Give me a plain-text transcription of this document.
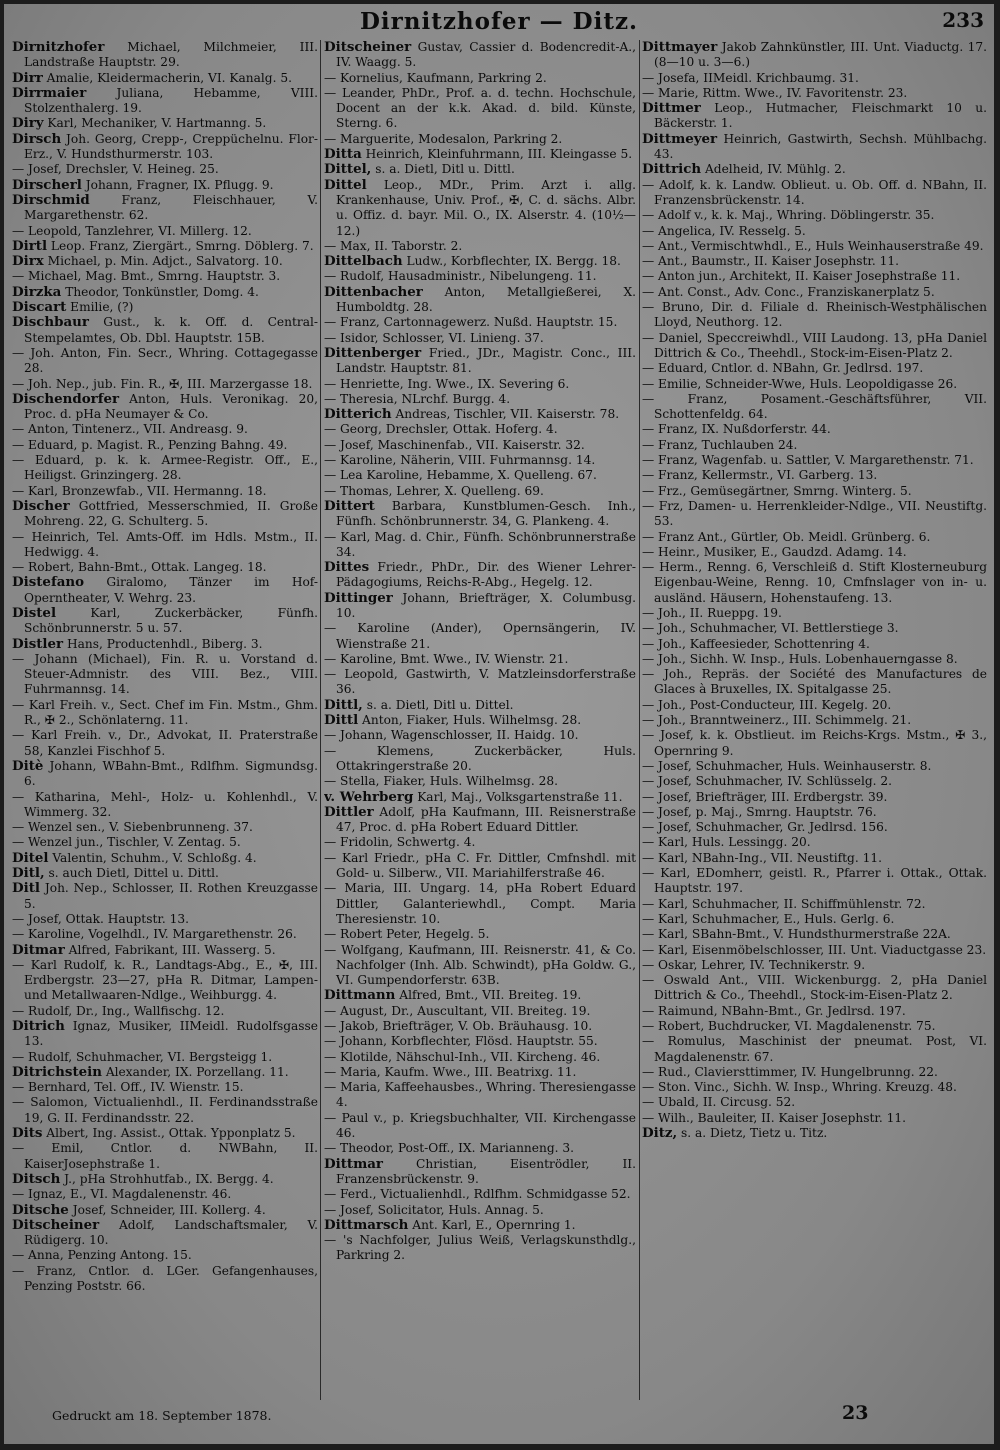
Dirnitzhofer — Ditz.	233

Dirnitzhofer Michael, Milchmeier, III. Landstraße Hauptstr. 29.

Dirr Amalie, Kleidermacherin, VI. Kanalg. 5.

Dirrmaier Juliana, Hebamme, VIII. Stolzenthalerg. 19.

Diry Karl, Mechaniker, V. Hartmanng. 5.

Dirsch Joh. Georg, Crepp-, Creppüchelnu. Flor-Erz., V. Hundsthurmerstr. 103.

— Josef, Drechsler, V. Heineg. 25.

Dirscherl Johann, Fragner, IX. Pflugg. 9.

Dirschmid Franz, Fleischhauer, V. Margarethenstr. 62.

— Leopold, Tanzlehrer, VI. Millerg. 12.

Dirtl Leop. Franz, Ziergärt., Smrng. Döblerg. 7.

Dirx Michael, p. Min. Adjct., Salvatorg. 10.

— Michael, Mag. Bmt., Smrng. Hauptstr. 3.

Dirzka Theodor, Tonkünstler, Domg. 4.

Discart Emilie, (?)

Dischbaur Gust., k. k. Off. d. Central-Stempelamtes, Ob. Dbl. Hauptstr. 15B.

— Joh. Anton, Fin. Secr., Whring. Cottagegasse 28.

— Joh. Nep., jub. Fin. R., ✠, III. Marzergasse 18.

Dischendorfer Anton, Huls. Veronikag. 20, Proc. d. pHa Neumayer & Co.

— Anton, Tintenerz., VII. Andreasg. 9.

— Eduard, p. Magist. R., Penzing Bahng. 49.

— Eduard, p. k. k. Armee-Registr. Off., E., Heiligst. Grinzingerg. 28.

— Karl, Bronzewfab., VII. Hermanng. 18.

Discher Gottfried, Messerschmied, II. Große Mohreng. 22, G. Schulterg. 5.

— Heinrich, Tel. Amts-Off. im Hdls. Mstm., II. Hedwigg. 4.

— Robert, Bahn-Bmt., Ottak. Langeg. 18.

Distefano Giralomo, Tänzer im Hof-Operntheater, V. Wehrg. 23.

Distel Karl, Zuckerbäcker, Fünfh. Schönbrunnerstr. 5 u. 57.

Distler Hans, Productenhdl., Biberg. 3.

— Johann (Michael), Fin. R. u. Vorstand d. Steuer-Admnistr. des VIII. Bez., VIII. Fuhrmannsg. 14.

— Karl Freih. v., Sect. Chef im Fin. Mstm., Ghm. R., ✠ 2., Schönlaterng. 11.

— Karl Freih. v., Dr., Advokat, II. Praterstraße 58, Kanzlei Fischhof 5.

Ditè Johann, WBahn-Bmt., Rdlfhm. Sigmundsg. 6.

— Katharina, Mehl-, Holz- u. Kohlenhdl., V. Wimmerg. 32.

— Wenzel sen., V. Siebenbrunneng. 37.

— Wenzel jun., Tischler, V. Zentag. 5.

Ditel Valentin, Schuhm., V. Schloßg. 4.

Ditl, s. auch Dietl, Dittel u. Dittl.

Ditl Joh. Nep., Schlosser, II. Rothen Kreuzgasse 5.

— Josef, Ottak. Hauptstr. 13.

— Karoline, Vogelhdl., IV. Margarethenstr. 26.

Ditmar Alfred, Fabrikant, III. Wasserg. 5.

— Karl Rudolf, k. R., Landtags-Abg., E., ✠, III. Erdbergstr. 23—27, pHa R. Ditmar, Lampen- und Metallwaaren-Ndlge., Weihburgg. 4.

— Rudolf, Dr., Ing., Wallfischg. 12.

Ditrich Ignaz, Musiker, IIMeidl. Rudolfsgasse 13.

— Rudolf, Schuhmacher, VI. Bergsteigg 1.

Ditrichstein Alexander, IX. Porzellang. 11.

— Bernhard, Tel. Off., IV. Wienstr. 15.

— Salomon, Victualienhdl., II. Ferdinandsstraße 19, G. II. Ferdinandsstr. 22.

Dits Albert, Ing. Assist., Ottak. Ypponplatz 5.

— Emil, Cntlor. d. NWBahn, II. KaiserJosephstraße 1.

Ditsch J., pHa Strohhutfab., IX. Bergg. 4.

— Ignaz, E., VI. Magdalenenstr. 46.

Ditsche Josef, Schneider, III. Kollerg. 4.

Ditscheiner Adolf, Landschaftsmaler, V. Rüdigerg. 10.

— Anna, Penzing Antong. 15.

— Franz, Cntlor. d. LGer. Gefangenhauses, Penzing Poststr. 66.

Ditscheiner Gustav, Cassier d. Bodencredit-A., IV. Waagg. 5.

— Kornelius, Kaufmann, Parkring 2.

— Leander, PhDr., Prof. a. d. techn. Hochschule, Docent an der k.k. Akad. d. bild. Künste, Sterng. 6.

— Marguerite, Modesalon, Parkring 2.

Ditta Heinrich, Kleinfuhrmann, III. Kleingasse 5.

Dittel, s. a. Dietl, Ditl u. Dittl.

Dittel Leop., MDr., Prim. Arzt i. allg. Krankenhause, Univ. Prof., ✠, C. d. sächs. Albr. u. Offiz. d. bayr. Mil. O., IX. Alserstr. 4. (10½—12.)

— Max, II. Taborstr. 2.

Dittelbach Ludw., Korbflechter, IX. Bergg. 18.

— Rudolf, Hausadministr., Nibelungeng. 11.

Dittenbacher Anton, Metallgießerei, X. Humboldtg. 28.

— Franz, Cartonnagewerz. Nußd. Hauptstr. 15.

— Isidor, Schlosser, VI. Linieng. 37.

Dittenberger Fried., JDr., Magistr. Conc., III. Landstr. Hauptstr. 81.

— Henriette, Ing. Wwe., IX. Severing 6.

— Theresia, NLrchf. Burgg. 4.

Ditterich Andreas, Tischler, VII. Kaiserstr. 78.

— Georg, Drechsler, Ottak. Hoferg. 4.

— Josef, Maschinenfab., VII. Kaiserstr. 32.

— Karoline, Näherin, VIII. Fuhrmannsg. 14.

— Lea Karoline, Hebamme, X. Quelleng. 67.

— Thomas, Lehrer, X. Quelleng. 69.

Dittert Barbara, Kunstblumen-Gesch. Inh., Fünfh. Schönbrunnerstr. 34, G. Plankeng. 4.

— Karl, Mag. d. Chir., Fünfh. Schönbrunnerstraße 34.

Dittes Friedr., PhDr., Dir. des Wiener Lehrer-Pädagogiums, Reichs-R-Abg., Hegelg. 12.

Dittinger Johann, Briefträger, X. Columbusg. 10.

— Karoline (Ander), Opernsängerin, IV. Wienstraße 21.

— Karoline, Bmt. Wwe., IV. Wienstr. 21.

— Leopold, Gastwirth, V. Matzleinsdorferstraße 36.

Dittl, s. a. Dietl, Ditl u. Dittel.

Dittl Anton, Fiaker, Huls. Wilhelmsg. 28.

— Johann, Wagenschlosser, II. Haidg. 10.

— Klemens, Zuckerbäcker, Huls. Ottakringerstraße 20.

— Stella, Fiaker, Huls. Wilhelmsg. 28.

v. Wehrberg Karl, Maj., Volksgartenstraße 11.

Dittler Adolf, pHa Kaufmann, III. Reisnerstraße 47, Proc. d. pHa Robert Eduard Dittler.

— Fridolin, Schwertg. 4.

— Karl Friedr., pHa C. Fr. Dittler, Cmfnshdl. mit Gold- u. Silberw., VII. Mariahilferstraße 46.

— Maria, III. Ungarg. 14, pHa Robert Eduard Dittler, Galanteriewhdl., Compt. Maria Theresienstr. 10.

— Robert Peter, Hegelg. 5.

— Wolfgang, Kaufmann, III. Reisnerstr. 41, & Co. Nachfolger (Inh. Alb. Schwindt), pHa Goldw. G., VI. Gumpendorferstr. 63B.

Dittmann Alfred, Bmt., VII. Breiteg. 19.

— August, Dr., Auscultant, VII. Breiteg. 19.

— Jakob, Briefträger, V. Ob. Bräuhausg. 10.

— Johann, Korbflechter, Flösd. Hauptstr. 55.

— Klotilde, Nähschul-Inh., VII. Kircheng. 46.

— Maria, Kaufm. Wwe., III. Beatrixg. 11.

— Maria, Kaffeehausbes., Whring. Theresiengasse 4.

— Paul v., p. Kriegsbuchhalter, VII. Kirchengasse 46.

— Theodor, Post-Off., IX. Marianneng. 3.

Dittmar Christian, Eisentrödler, II. Franzensbrückenstr. 9.

— Ferd., Victualienhdl., Rdlfhm. Schmidgasse 52.

— Josef, Solicitator, Huls. Annag. 5.

Dittmarsch Ant. Karl, E., Opernring 1.

— 's Nachfolger, Julius Weiß, Verlagskunsthdlg., Parkring 2.

Dittmayer Jakob Zahnkünstler, III. Unt. Viaductg. 17. (8—10 u. 3—6.)

— Josefa, IIMeidl. Krichbaumg. 31.

— Marie, Rittm. Wwe., IV. Favoritenstr. 23.

Dittmer Leop., Hutmacher, Fleischmarkt 10 u. Bäckerstr. 1.

Dittmeyer Heinrich, Gastwirth, Sechsh. Mühlbachg. 43.

Dittrich Adelheid, IV. Mühlg. 2.

— Adolf, k. k. Landw. Oblieut. u. Ob. Off. d. NBahn, II. Franzensbrückenstr. 14.

— Adolf v., k. k. Maj., Whring. Döblingerstr. 35.

— Angelica, IV. Resselg. 5.

— Ant., Vermischtwhdl., E., Huls Weinhauserstraße 49.

— Ant., Baumstr., II. Kaiser Josephstr. 11.

— Anton jun., Architekt, II. Kaiser Josephstraße 11.

— Ant. Const., Adv. Conc., Franziskanerplatz 5.

— Bruno, Dir. d. Filiale d. Rheinisch-Westphälischen Lloyd, Neuthorg. 12.

— Daniel, Speccreiwhdl., VIII Laudong. 13, pHa Daniel Dittrich & Co., Theehdl., Stock-im-Eisen-Platz 2.

— Eduard, Cntlor. d. NBahn, Gr. Jedlrsd. 197.

— Emilie, Schneider-Wwe, Huls. Leopoldigasse 26.

— Franz, Posament.-Geschäftsführer, VII. Schottenfeldg. 64.

— Franz, IX. Nußdorferstr. 44.

— Franz, Tuchlauben 24.

— Franz, Wagenfab. u. Sattler, V. Margarethenstr. 71.

— Franz, Kellermstr., VI. Garberg. 13.

— Frz., Gemüsegärtner, Smrng. Winterg. 5.

— Frz, Damen- u. Herrenkleider-Ndlge., VII. Neustiftg. 53.

— Franz Ant., Gürtler, Ob. Meidl. Grünberg. 6.

— Heinr., Musiker, E., Gaudzd. Adamg. 14.

— Herm., Renng. 6, Verschleiß d. Stift Klosterneuburg Eigenbau-Weine, Renng. 10, Cmfnslager von in- u. ausländ. Häusern, Hohenstaufeng. 13.

— Joh., II. Rueppg. 19.

— Joh., Schuhmacher, VI. Bettlerstiege 3.

— Joh., Kaffeesieder, Schottenring 4.

— Joh., Sichh. W. Insp., Huls. Lobenhauerngasse 8.

— Joh., Repräs. der Société des Manufactures de Glaces à Bruxelles, IX. Spitalgasse 25.

— Joh., Post-Conducteur, III. Kegelg. 20.

— Joh., Branntweinerz., III. Schimmelg. 21.

— Josef, k. k. Obstlieut. im Reichs-Krgs. Mstm., ✠ 3., Opernring 9.

— Josef, Schuhmacher, Huls. Weinhauserstr. 8.

— Josef, Schuhmacher, IV. Schlüsselg. 2.

— Josef, Briefträger, III. Erdbergstr. 39.

— Josef, p. Maj., Smrng. Hauptstr. 76.

— Josef, Schuhmacher, Gr. Jedlrsd. 156.

— Karl, Huls. Lessingg. 20.

— Karl, NBahn-Ing., VII. Neustiftg. 11.

— Karl, EDomherr, geistl. R., Pfarrer i. Ottak., Ottak. Hauptstr. 197.

— Karl, Schuhmacher, II. Schiffmühlenstr. 72.

— Karl, Schuhmacher, E., Huls. Gerlg. 6.

— Karl, SBahn-Bmt., V. Hundsthurmerstraße 22A.

— Karl, Eisenmöbelschlosser, III. Unt. Viaductgasse 23.

— Oskar, Lehrer, IV. Technikerstr. 9.

— Oswald Ant., VIII. Wickenburgg. 2, pHa Daniel Dittrich & Co., Theehdl., Stock-im-Eisen-Platz 2.

— Raimund, NBahn-Bmt., Gr. Jedlrsd. 197.

— Robert, Buchdrucker, VI. Magdalenenstr. 75.

— Romulus, Maschinist der pneumat. Post, VI. Magdalenenstr. 67.

— Rud., Claviersttimmer, IV. Hungelbrunng. 22.

— Ston. Vinc., Sichh. W. Insp., Whring. Kreuzg. 48.

— Ubald, II. Circusg. 52.

— Wilh., Bauleiter, II. Kaiser Josephstr. 11.

Ditz, s. a. Dietz, Tietz u. Titz.

Gedruckt am 18. September 1878.	23
